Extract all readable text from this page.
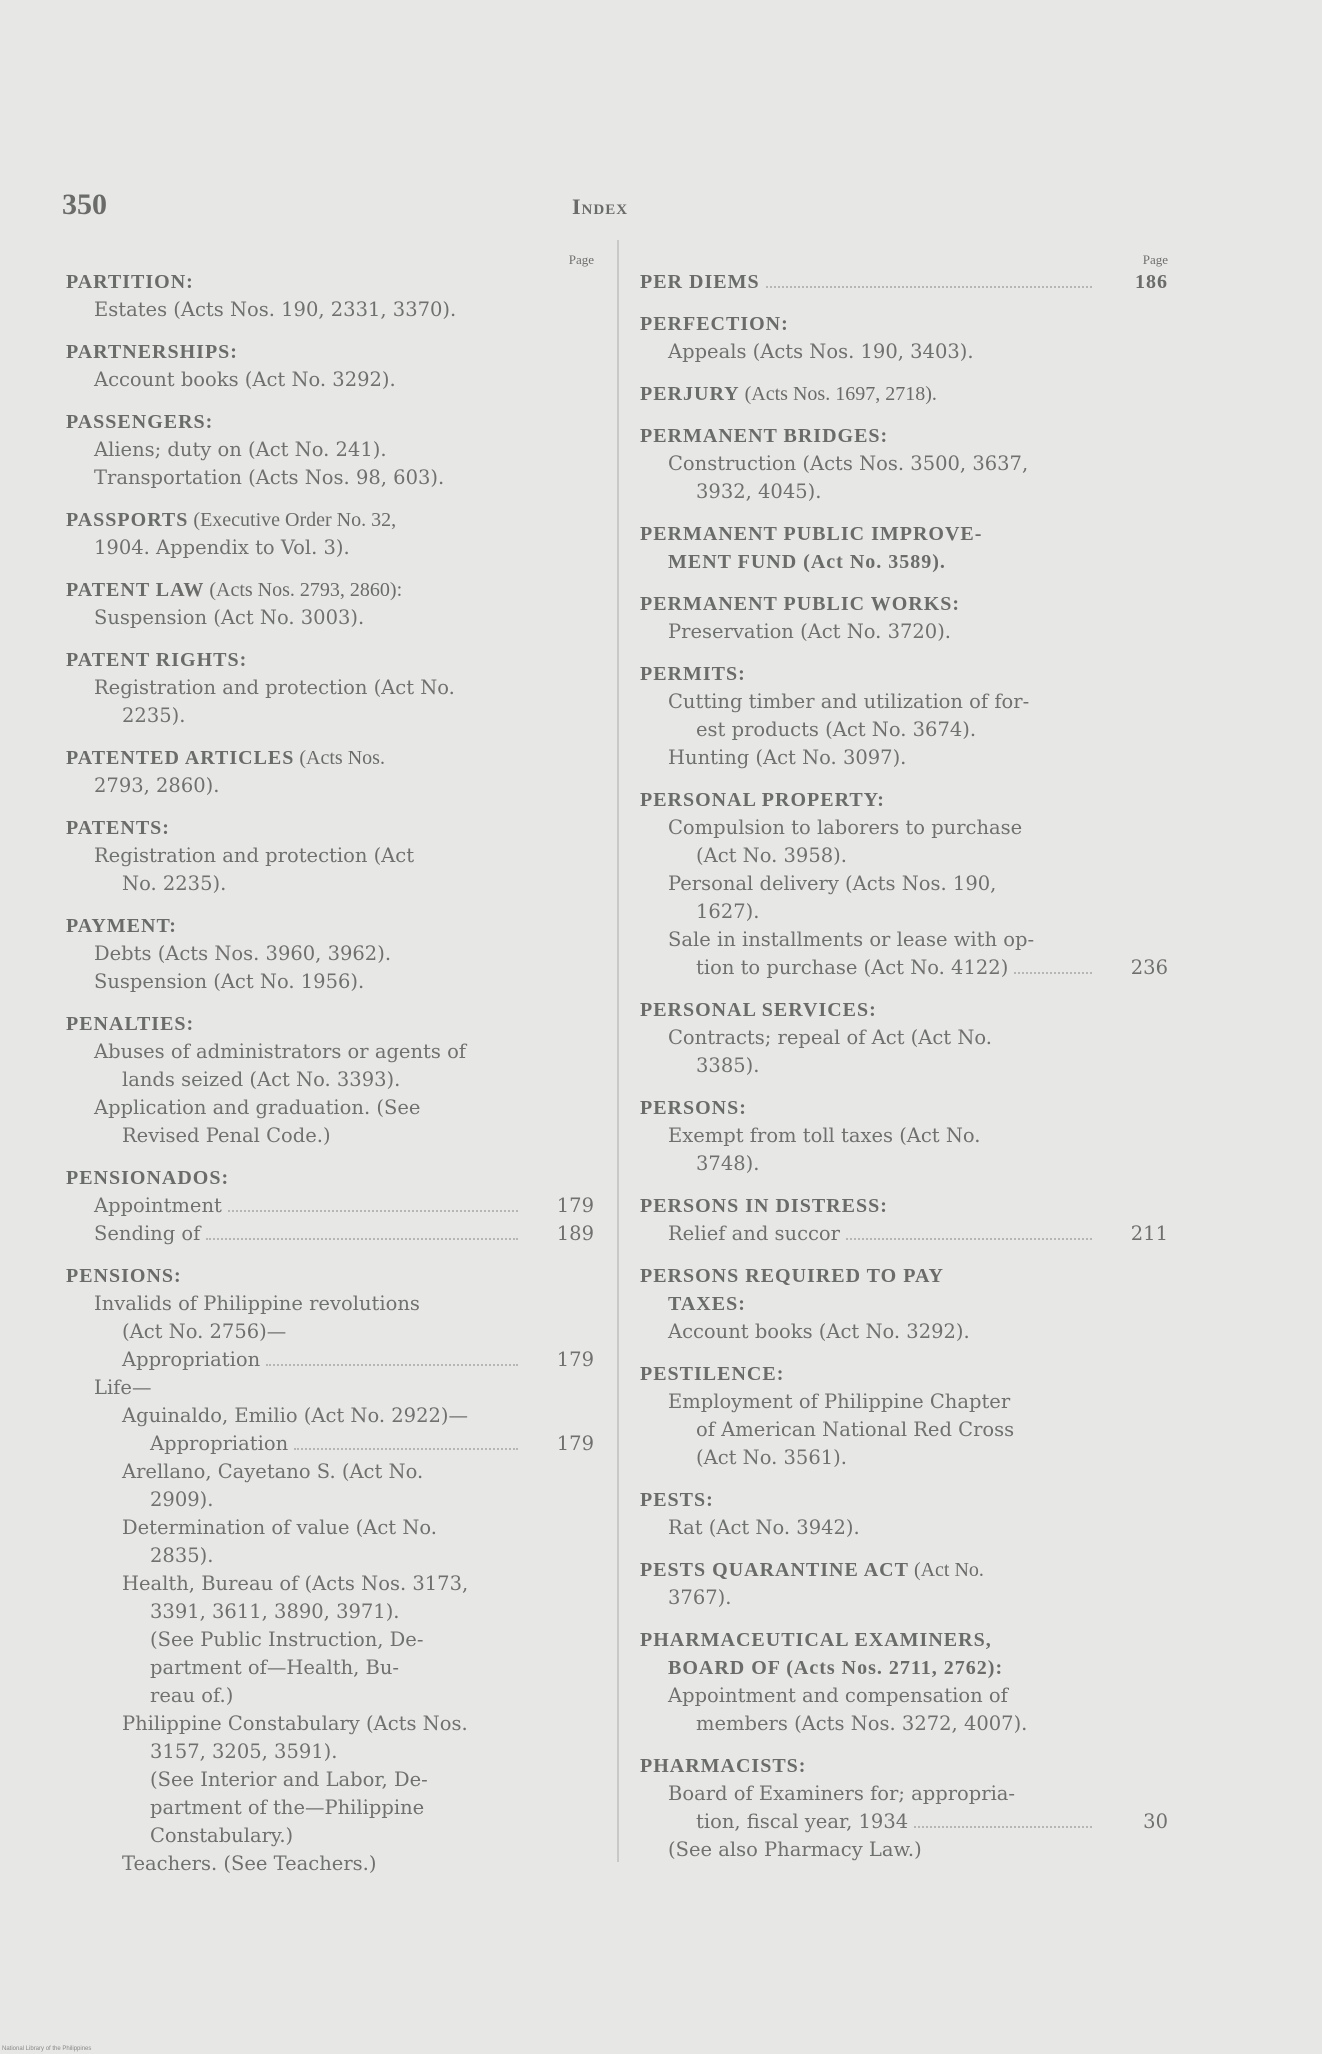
350	Index
Page
PARTITION:
Estates (Acts Nos. 190, 2331, 3370).
PARTNERSHIPS:
Account books (Act No. 3292).
PASSENGERS:
Aliens; duty on (Act No. 241).
Transportation (Acts Nos. 98, 603).
PASSPORTS (Executive Order No. 32,
1904. Appendix to Vol. 3).
PATENT LAW (Acts Nos. 2793, 2860):
Suspension (Act No. 3003).
PATENT RIGHTS:
Registration and protection (Act No.
2235).
PATENTED ARTICLES (Acts Nos.
2793, 2860).
PATENTS:
Registration and protection (Act
No. 2235).
PAYMENT:
Debts (Acts Nos. 3960, 3962).
Suspension (Act No. 1956).
PENALTIES:
Abuses of administrators or agents of
lands seized (Act No. 3393).
Application and graduation. (See
Revised Penal Code.)
PENSIONADOS:
Appointment	179
Sending of	189
PENSIONS:
Invalids of Philippine revolutions
(Act No. 2756)—
Appropriation	179
Life—
Aguinaldo, Emilio (Act No. 2922)—
Appropriation	179
Arellano, Cayetano S. (Act No.
2909).
Determination of value (Act No.
2835).
Health, Bureau of (Acts Nos. 3173,
3391, 3611, 3890, 3971).
(See Public Instruction, De-
partment of—Health, Bu-
reau of.)
Philippine Constabulary (Acts Nos.
3157, 3205, 3591).
(See Interior and Labor, De-
partment of the—Philippine
Constabulary.)
Teachers. (See Teachers.)
Page
PER DIEMS	186
PERFECTION:
Appeals (Acts Nos. 190, 3403).
PERJURY (Acts Nos. 1697, 2718).
PERMANENT BRIDGES:
Construction (Acts Nos. 3500, 3637,
3932, 4045).
PERMANENT PUBLIC IMPROVE-
MENT FUND (Act No. 3589).
PERMANENT PUBLIC WORKS:
Preservation (Act No. 3720).
PERMITS:
Cutting timber and utilization of for-
est products (Act No. 3674).
Hunting (Act No. 3097).
PERSONAL PROPERTY:
Compulsion to laborers to purchase
(Act No. 3958).
Personal delivery (Acts Nos. 190,
1627).
Sale in installments or lease with op-
tion to purchase (Act No. 4122)	236
PERSONAL SERVICES:
Contracts; repeal of Act (Act No.
3385).
PERSONS:
Exempt from toll taxes (Act No.
3748).
PERSONS IN DISTRESS:
Relief and succor	211
PERSONS REQUIRED TO PAY
TAXES:
Account books (Act No. 3292).
PESTILENCE:
Employment of Philippine Chapter
of American National Red Cross
(Act No. 3561).
PESTS:
Rat (Act No. 3942).
PESTS QUARANTINE ACT (Act No.
3767).
PHARMACEUTICAL EXAMINERS,
BOARD OF (Acts Nos. 2711, 2762):
Appointment and compensation of
members (Acts Nos. 3272, 4007).
PHARMACISTS:
Board of Examiners for; appropria-
tion, fiscal year, 1934	30
(See also Pharmacy Law.)
National Library of the Philippines
